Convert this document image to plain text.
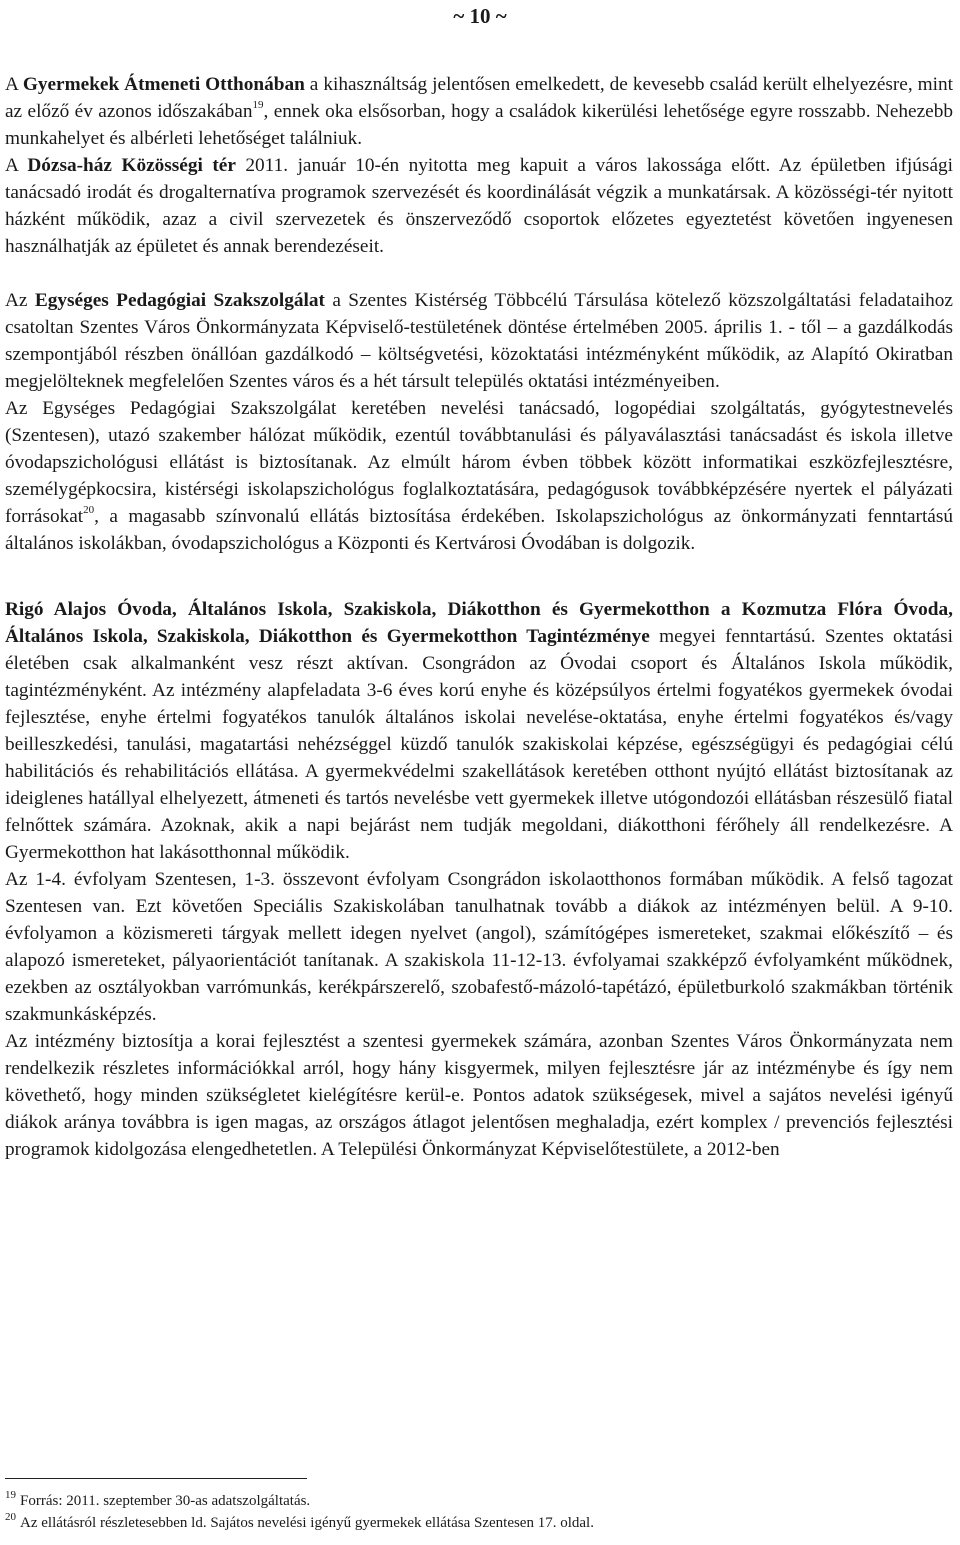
~ 10 ~

A Gyermekek Átmeneti Otthonában a kihasználtság jelentősen emelkedett, de kevesebb család került elhelyezésre, mint az előző év azonos időszakában$^{19}$, ennek oka elsősorban, hogy a családok kikerülési lehetősége egyre rosszabb. Nehezebb munkahelyet és albérleti lehetőséget találniuk.

A Dózsa-ház Közösségi tér 2011. január 10-én nyitotta meg kapuit a város lakossága előtt. Az épületben ifjúsági tanácsadó irodát és drogalternatíva programok szervezését és koordinálását végzik a munkatársak. A közösségi-tér nyitott házként működik, azaz a civil szervezetek és önszerveződő csoportok előzetes egyeztetést követően ingyenesen használhatják az épületet és annak berendezéseit.

Az Egységes Pedagógiai Szakszolgálat a Szentes Kistérség Többcélú Társulása kötelező közszolgáltatási feladataihoz csatoltan Szentes Város Önkormányzata Képviselő-testületének döntése értelmében 2005. április 1. - től – a gazdálkodás szempontjából részben önállóan gazdálkodó – költségvetési, közoktatási intézményként működik, az Alapító Okiratban megjelölteknek megfelelően Szentes város és a hét társult település oktatási intézményeiben.

Az Egységes Pedagógiai Szakszolgálat keretében nevelési tanácsadó, logopédiai szolgáltatás, gyógytestnevelés (Szentesen), utazó szakember hálózat működik, ezentúl továbbtanulási és pályaválasztási tanácsadást és iskola illetve óvodapszichológusi ellátást is biztosítanak. Az elmúlt három évben többek között informatikai eszközfejlesztésre, személygépkocsira, kistérségi iskolapszichológus foglalkoztatására, pedagógusok továbbképzésére nyertek el pályázati forrásokat$^{20}$, a magasabb színvonalú ellátás biztosítása érdekében. Iskolapszichológus az önkormányzati fenntartású általános iskolákban, óvodapszichológus a Központi és Kertvárosi Óvodában is dolgozik.

Rigó Alajos Óvoda, Általános Iskola, Szakiskola, Diákotthon és Gyermekotthon a Kozmutza Flóra Óvoda, Általános Iskola, Szakiskola, Diákotthon és Gyermekotthon Tagintézménye megyei fenntartású. Szentes oktatási életében csak alkalmanként vesz részt aktívan. Csongrádon az Óvodai csoport és Általános Iskola működik, tagintézményként. Az intézmény alapfeladata 3-6 éves korú enyhe és középsúlyos értelmi fogyatékos gyermekek óvodai fejlesztése, enyhe értelmi fogyatékos tanulók általános iskolai nevelése-oktatása, enyhe értelmi fogyatékos és/vagy beilleszkedési, tanulási, magatartási nehézséggel küzdő tanulók szakiskolai képzése, egészségügyi és pedagógiai célú habilitációs és rehabilitációs ellátása. A gyermekvédelmi szakellátások keretében otthont nyújtó ellátást biztosítanak az ideiglenes hatállyal elhelyezett, átmeneti és tartós nevelésbe vett gyermekek illetve utógondozói ellátásban részesülő fiatal felnőttek számára. Azoknak, akik a napi bejárást nem tudják megoldani, diákotthoni férőhely áll rendelkezésre. A Gyermekotthon hat lakásotthonnal működik.

Az 1-4. évfolyam Szentesen, 1-3. összevont évfolyam Csongrádon iskolaotthonos formában működik. A felső tagozat Szentesen van. Ezt követően Speciális Szakiskolában tanulhatnak tovább a diákok az intézményen belül. A 9-10. évfolyamon a közismereti tárgyak mellett idegen nyelvet (angol), számítógépes ismereteket, szakmai előkészítő – és alapozó ismereteket, pályaorientációt tanítanak. A szakiskola 11-12-13. évfolyamai szakképző évfolyamként működnek, ezekben az osztályokban varrómunkás, kerékpárszerelő, szobafestő-mázoló-tapétázó, épületburkoló szakmákban történik szakmunkásképzés.

Az intézmény biztosítja a korai fejlesztést a szentesi gyermekek számára, azonban Szentes Város Önkormányzata nem rendelkezik részletes információkkal arról, hogy hány kisgyermek, milyen fejlesztésre jár az intézménybe és így nem követhető, hogy minden szükségletet kielégítésre kerül-e. Pontos adatok szükségesek, mivel a sajátos nevelési igényű diákok aránya továbbra is igen magas, az országos átlagot jelentősen meghaladja, ezért komplex / prevenciós fejlesztési programok kidolgozása elengedhetetlen. A Települési Önkormányzat Képviselőtestülete, a 2012-ben

$^{19}$ Forrás: 2011. szeptember 30-as adatszolgáltatás.

$^{20}$ Az ellátásról részletesebben ld. Sajátos nevelési igényű gyermekek ellátása Szentesen 17. oldal.
